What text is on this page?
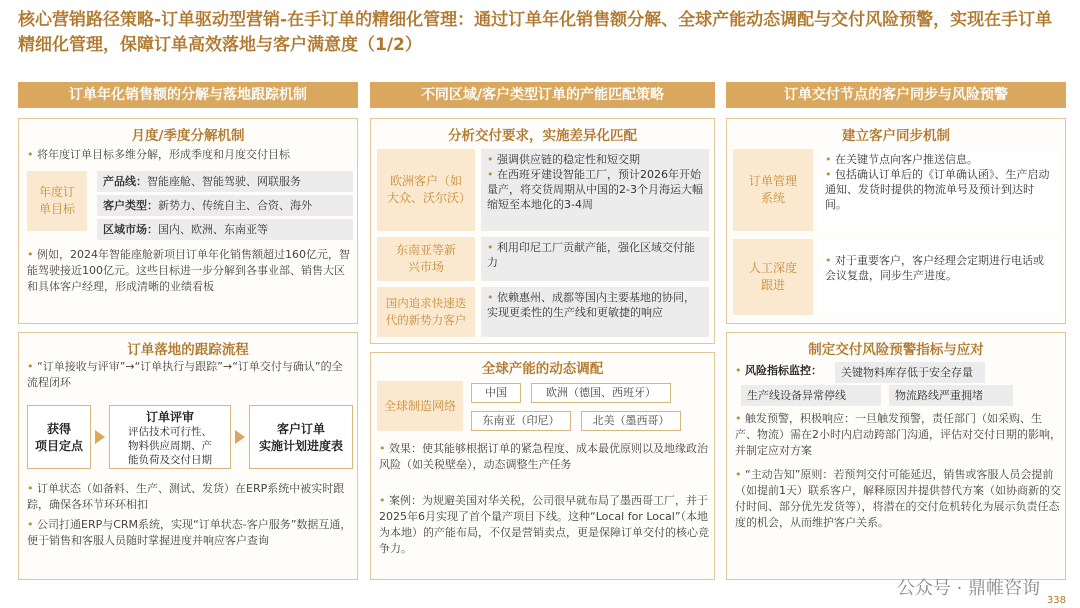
核心营销路径策略-订单驱动型营销-在手订单的精细化管理：通过订单年化销售额分解、全球产能动态调配与交付风险预警，实现在手订单精细化管理，保障订单高效落地与客户满意度（1/2）
订单年化销售额的分解与落地跟踪机制	不同区域/客户类型订单的产能匹配策略	订单交付节点的客户同步与风险预警
月度/季度分解机制
• 将年度订单目标多维分解，形成季度和月度交付目标
年度订单目标
产品线：智能座舱、智能驾驶、网联服务
客户类型：新势力、传统自主、合资、海外
区域市场：国内、欧洲、东南亚等
• 例如，2024年智能座舱新项目订单年化销售额超过160亿元，智能驾驶接近100亿元。这些目标进一步分解到各事业部、销售大区和具体客户经理，形成清晰的业绩看板
订单落地的跟踪流程
• “订单接收与评审”→“订单执行与跟踪”→“订单交付与确认”的全流程闭环
获得
项目定点
订单评审
评估技术可行性、
物料供应周期、产
能负荷及交付日期
客户订单
实施计划进度表
• 订单状态（如备料、生产、测试、发货）在ERP系统中被实时跟踪，确保各环节环环相扣
• 公司打通ERP与CRM系统，实现“订单状态-客户服务”数据互通，便于销售和客服人员随时掌握进度并响应客户查询
分析交付要求，实施差异化匹配
欧洲客户（如大众、沃尔沃）
• 强调供应链的稳定性和短交期
• 在西班牙建设智能工厂，预计2026年开始量产，将交货周期从中国的2-3个月海运大幅缩短至本地化的3-4周
东南亚等新兴市场
• 利用印尼工厂贡献产能，强化区域交付能力
国内追求快速迭代的新势力客户
• 依赖惠州、成都等国内主要基地的协同，实现更柔性的生产线和更敏捷的响应
全球产能的动态调配
全球制造网络
中国	欧洲（德国、西班牙）
东南亚（印尼）	北美（墨西哥）
• 效果：使其能够根据订单的紧急程度、成本最优原则以及地缘政治风险（如关税壁垒），动态调整生产任务
• 案例：为规避美国对华关税，公司很早就布局了墨西哥工厂，并于2025年6月实现了首个量产项目下线。这种“Local for Local”（本地为本地）的产能布局，不仅是营销卖点，更是保障订单交付的核心竞争力。
建立客户同步机制
订单管理系统
• 在关键节点向客户推送信息。
• 包括确认订单后的《订单确认函》、生产启动通知、发货时提供的物流单号及预计到达时间。
人工深度跟进
• 对于重要客户，客户经理会定期进行电话或会议复盘，同步生产进度。
制定交付风险预警指标与应对
• 风险指标监控：	关键物料库存低于安全存量
生产线设备异常停线	物流路线严重拥堵
• 触发预警，积极响应：一旦触发预警，责任部门（如采购、生产、物流）需在2小时内启动跨部门沟通，评估对交付日期的影响，并制定应对方案
• “主动告知”原则：若预判交付可能延迟，销售或客服人员会提前（如提前1天）联系客户，解释原因并提供替代方案（如协商新的交付时间、部分优先发货等），将潜在的交付危机转化为展示负责任态度的机会，从而维护客户关系。
公众号 · 鼎帷咨询
338
